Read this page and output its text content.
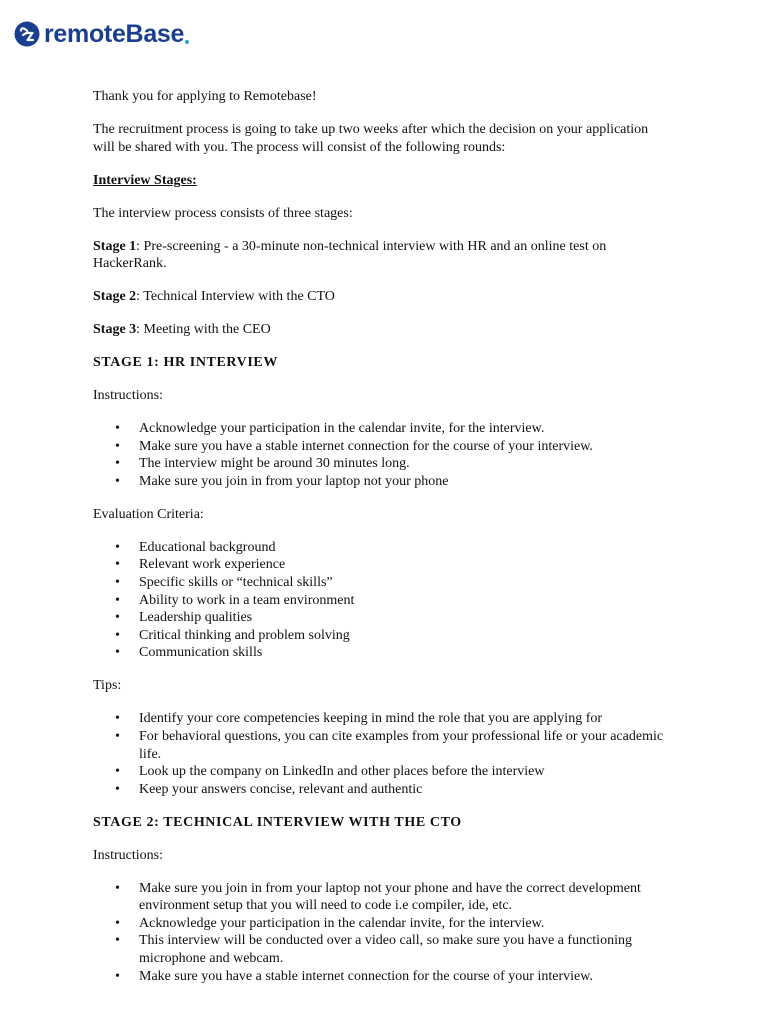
remoteBase

Thank you for applying to Remotebase!

The recruitment process is going to take up two weeks after which the decision on your application will be shared with you. The process will consist of the following rounds:

Interview Stages:

The interview process consists of three stages:

Stage 1: Pre-screening - a 30-minute non-technical interview with HR and an online test on HackerRank.

Stage 2: Technical Interview with the CTO

Stage 3: Meeting with the CEO

STAGE 1: HR INTERVIEW

Instructions:

• Acknowledge your participation in the calendar invite, for the interview.
• Make sure you have a stable internet connection for the course of your interview.
• The interview might be around 30 minutes long.
• Make sure you join in from your laptop not your phone

Evaluation Criteria:

• Educational background
• Relevant work experience
• Specific skills or “technical skills”
• Ability to work in a team environment
• Leadership qualities
• Critical thinking and problem solving
• Communication skills

Tips:

• Identify your core competencies keeping in mind the role that you are applying for
• For behavioral questions, you can cite examples from your professional life or your academic life.
• Look up the company on LinkedIn and other places before the interview
• Keep your answers concise, relevant and authentic

STAGE 2: TECHNICAL INTERVIEW WITH THE CTO

Instructions:

• Make sure you join in from your laptop not your phone and have the correct development environment setup that you will need to code i.e compiler, ide, etc.
• Acknowledge your participation in the calendar invite, for the interview.
• This interview will be conducted over a video call, so make sure you have a functioning microphone and webcam.
• Make sure you have a stable internet connection for the course of your interview.
